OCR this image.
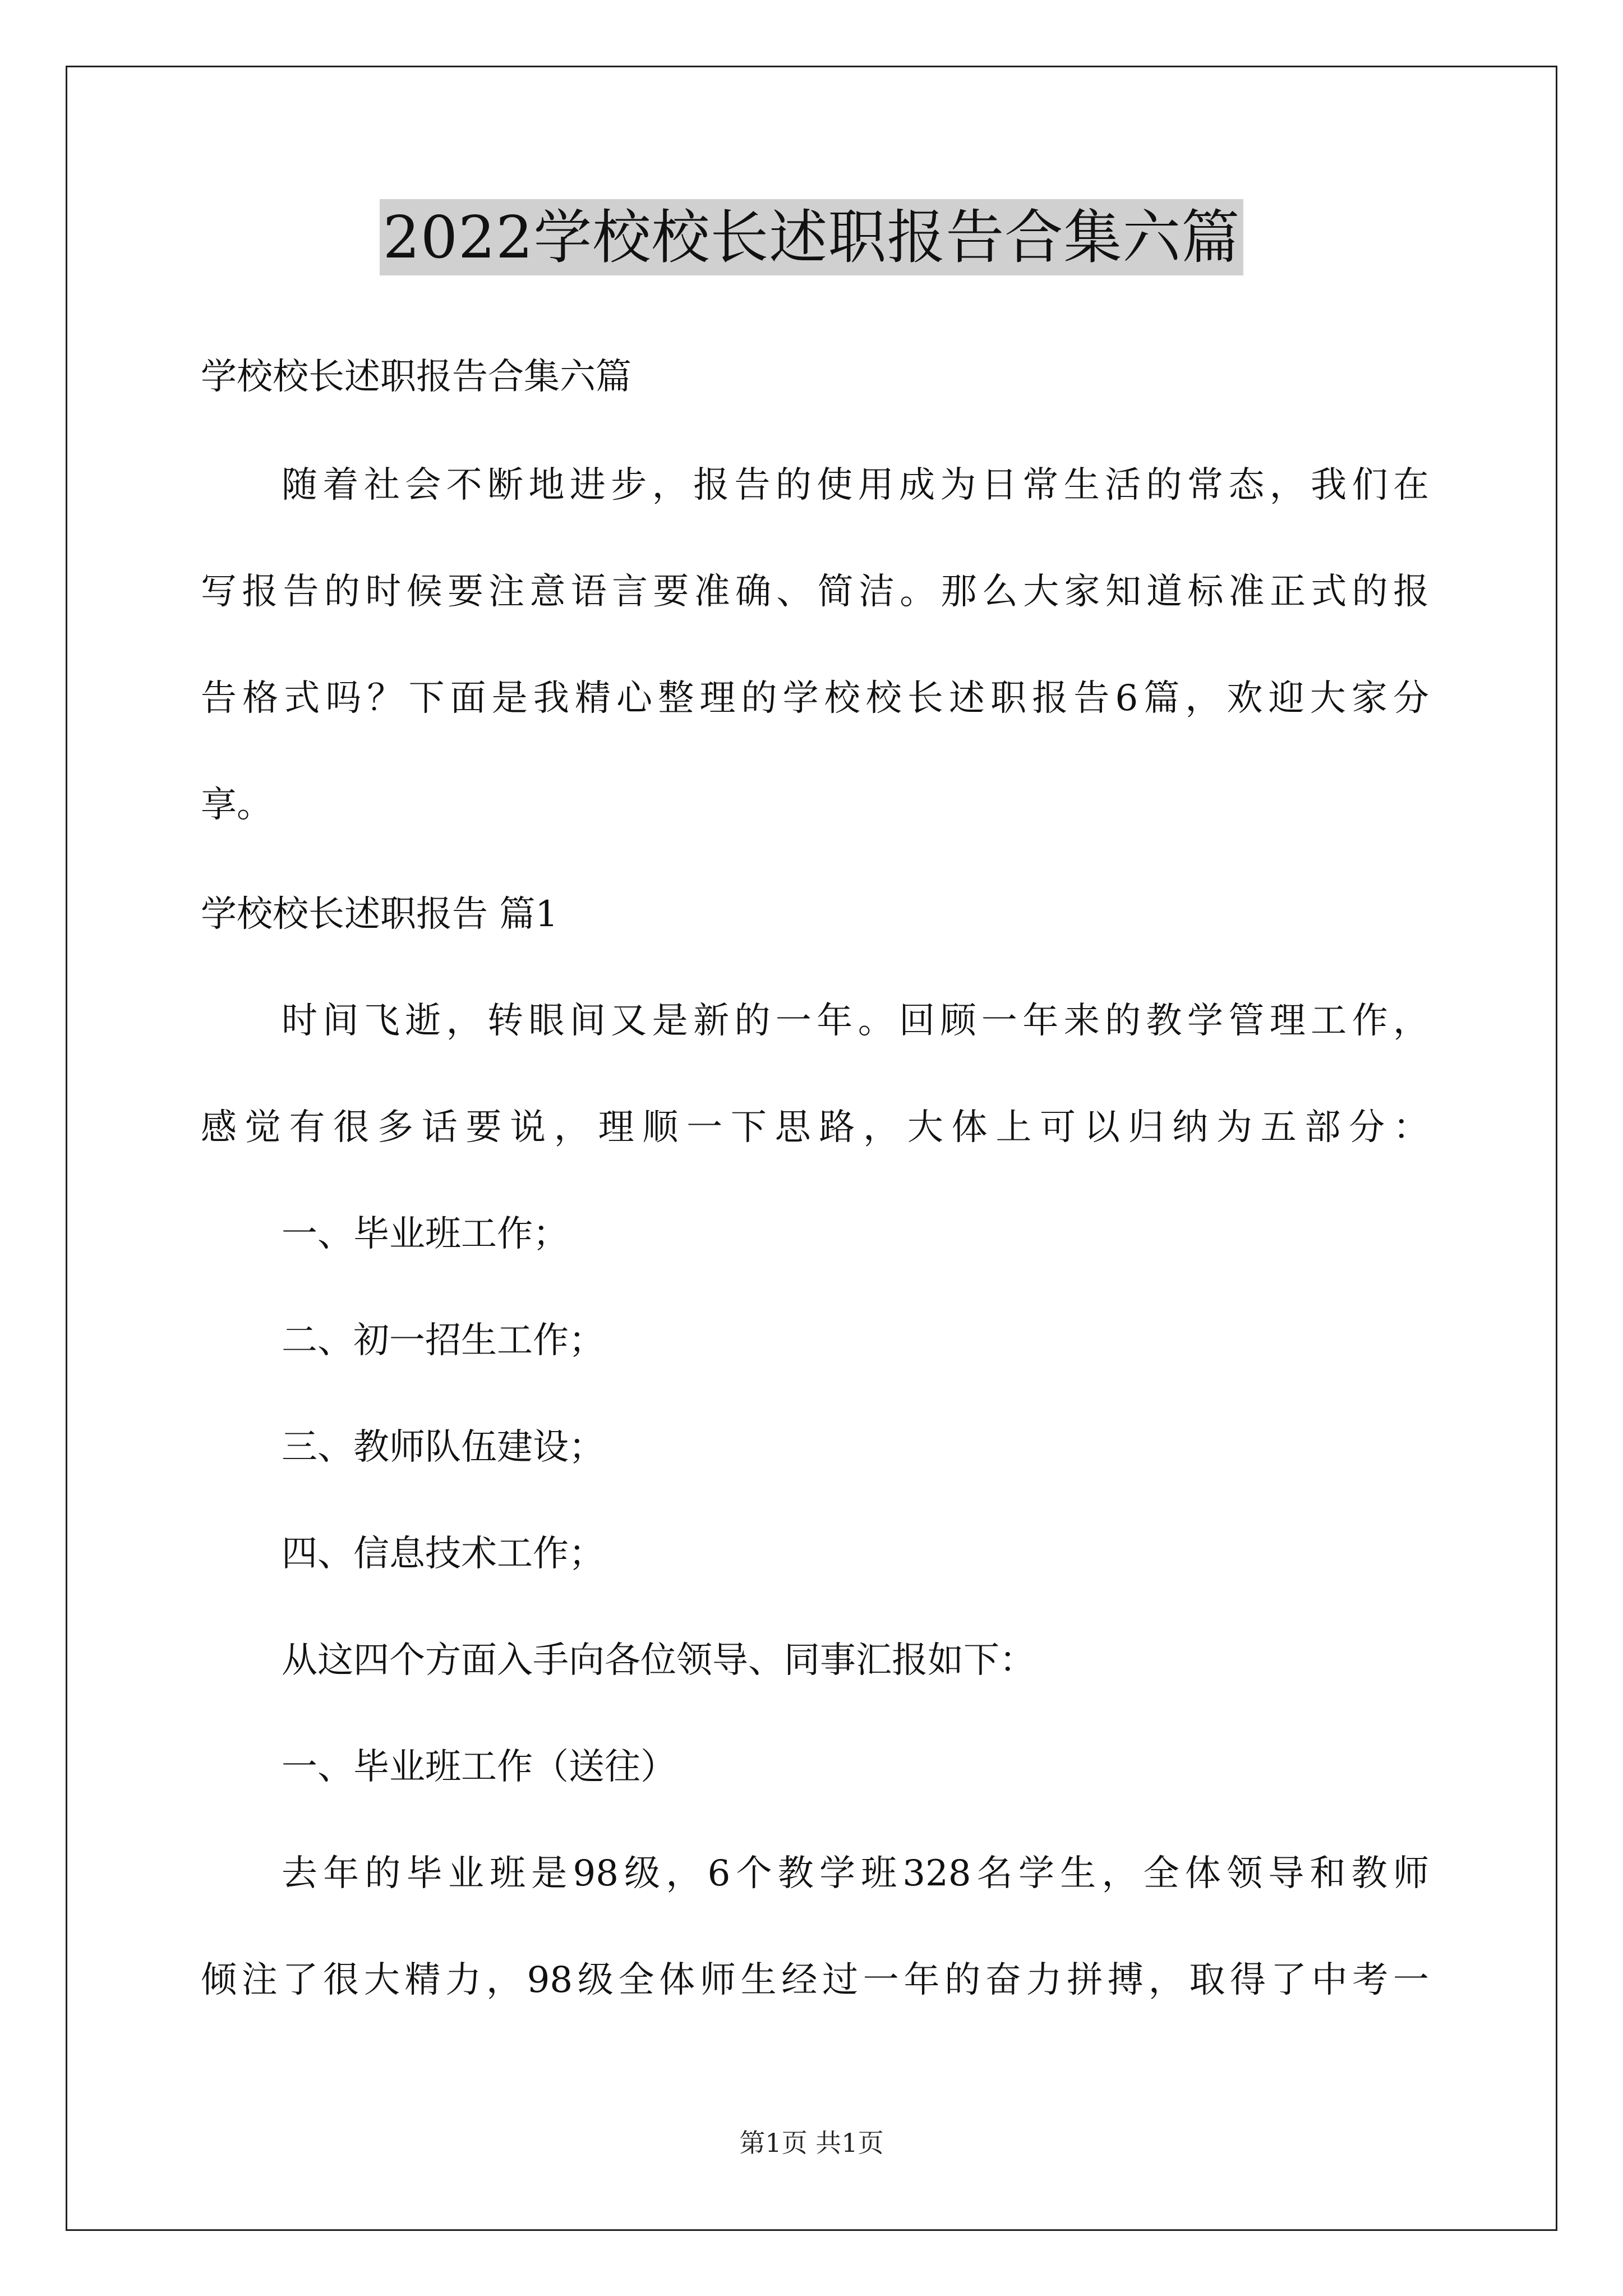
2022学校校长述职报告合集六篇
学校校长述职报告合集六篇
随着社会不断地进步，报告的使用成为日常生活的常态，我们在
写报告的时候要注意语言要准确、简洁。那么大家知道标准正式的报
告格式吗？下面是我精心整理的学校校长述职报告6篇，欢迎大家分
享。
学校校长述职报告 篇1
时间飞逝，转眼间又是新的一年。回顾一年来的教学管理工作，
感觉有很多话要说，理顺一下思路，大体上可以归纳为五部分：
一、毕业班工作；
二、初一招生工作；
三、教师队伍建设；
四、信息技术工作；
从这四个方面入手向各位领导、同事汇报如下：
一、毕业班工作（送往）
去年的毕业班是98级，6个教学班328名学生，全体领导和教师
倾注了很大精力，98级全体师生经过一年的奋力拼搏，取得了中考一
第1页 共1页
